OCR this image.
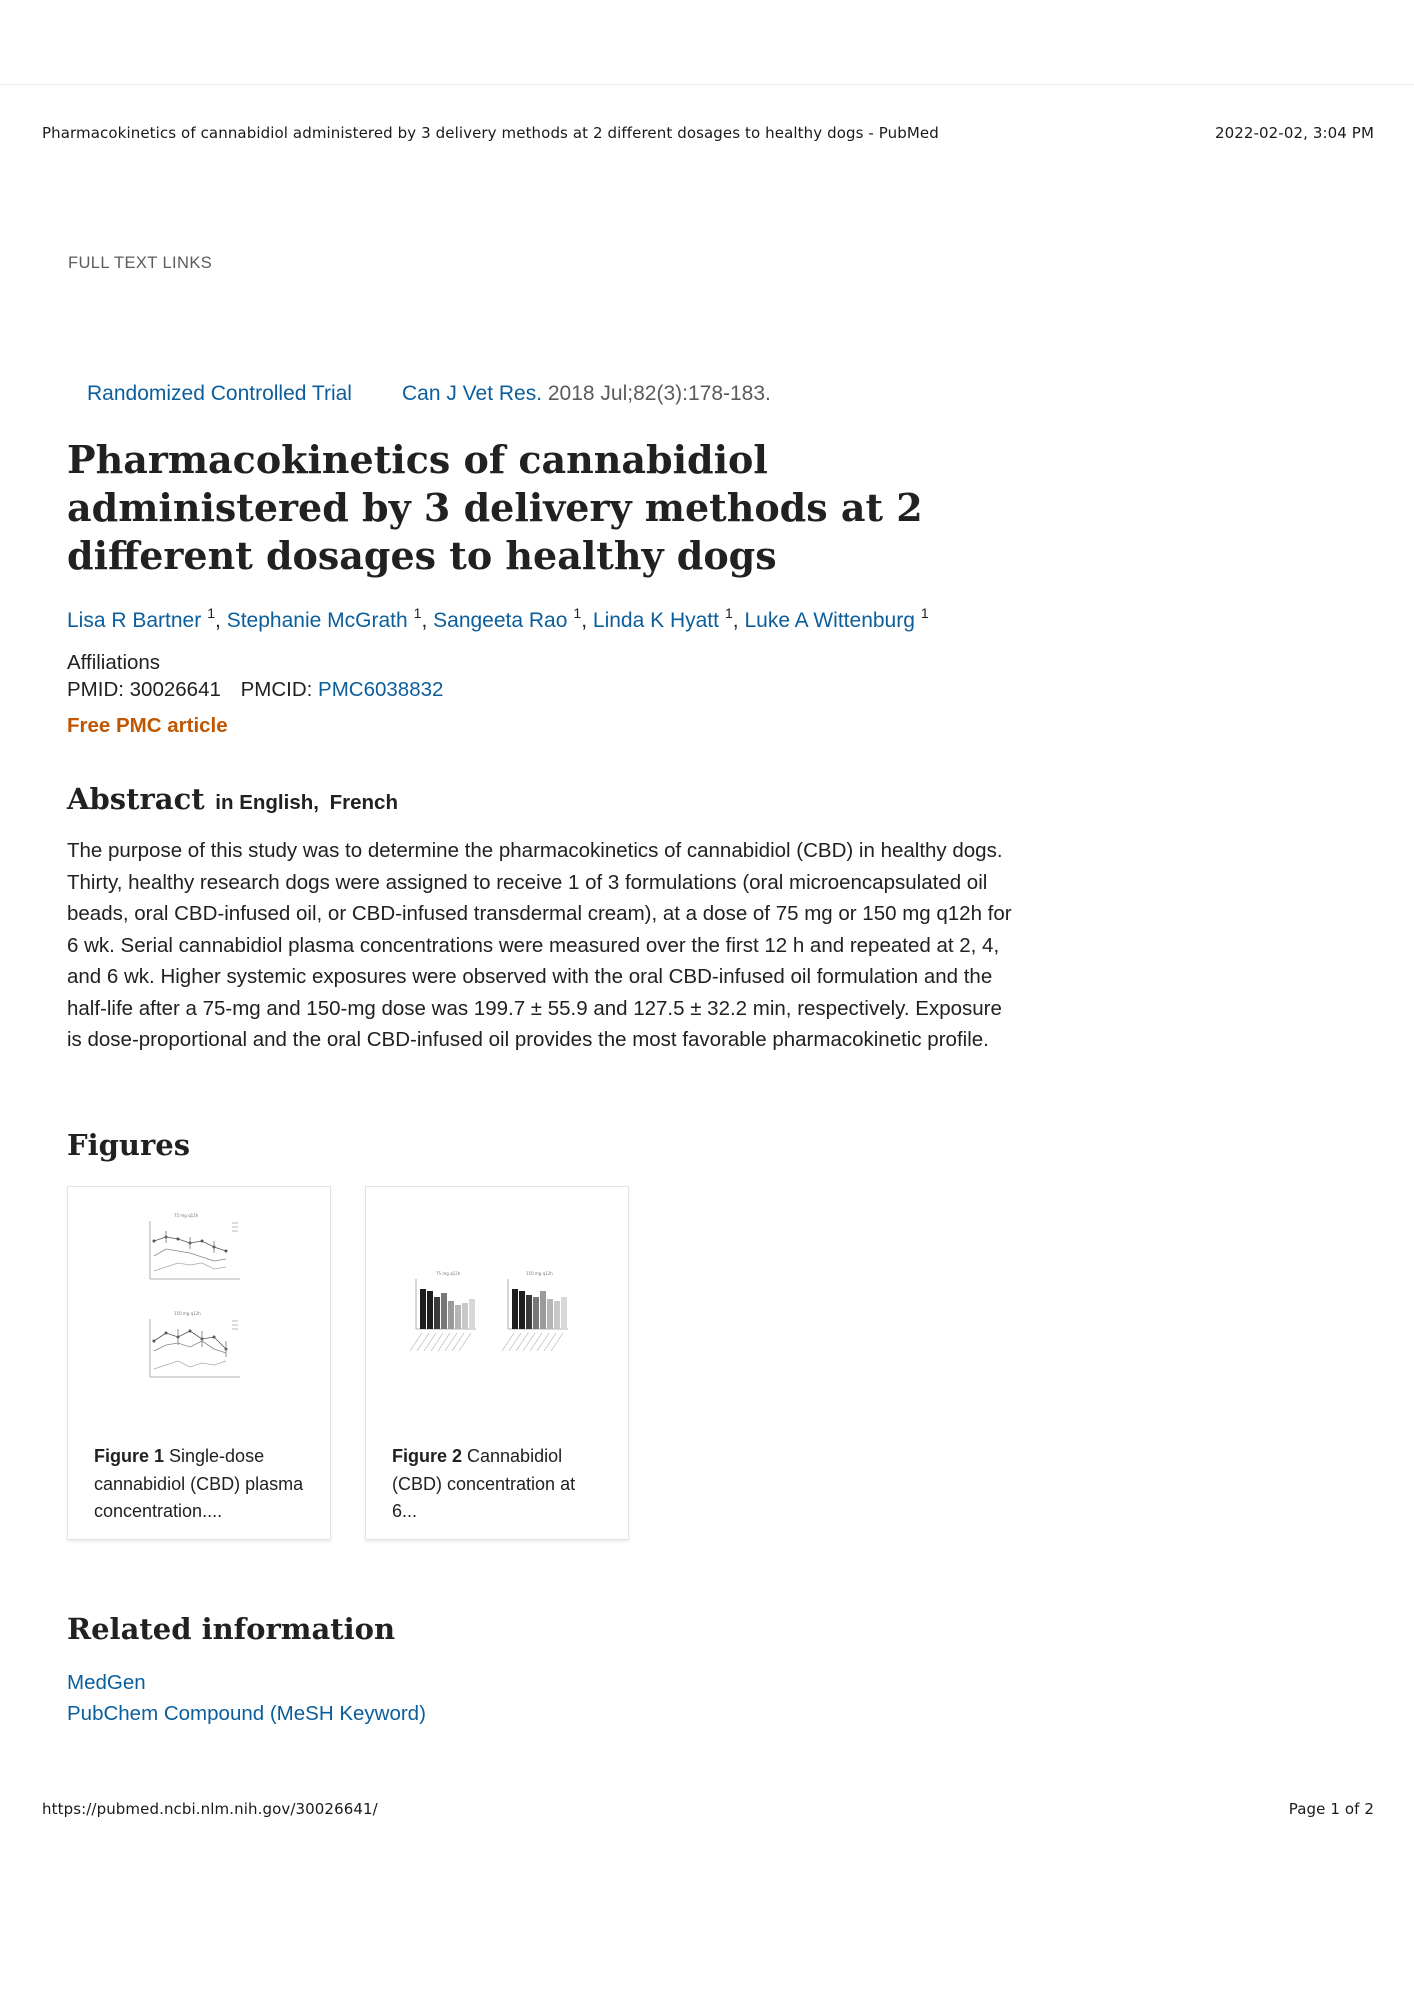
Pharmacokinetics of cannabidiol administered by 3 delivery methods at 2 different dosages to healthy dogs - PubMed	2022-02-02, 3:04 PM
FULL TEXT LINKS
Randomized Controlled Trial Can J Vet Res. 2018 Jul;82(3):178-183.
Pharmacokinetics of cannabidiol administered by 3 delivery methods at 2 different dosages to healthy dogs
Lisa R Bartner $^1$, Stephanie McGrath $^1$, Sangeeta Rao $^1$, Linda K Hyatt $^1$, Luke A Wittenburg $^1$
Affiliations
PMID: 30026641 PMCID: PMC6038832
Free PMC article
Abstract in English, French

The purpose of this study was to determine the pharmacokinetics of cannabidiol (CBD) in healthy dogs. Thirty, healthy research dogs were assigned to receive 1 of 3 formulations (oral microencapsulated oil beads, oral CBD-infused oil, or CBD-infused transdermal cream), at a dose of 75 mg or 150 mg q12h for 6 wk. Serial cannabidiol plasma concentrations were measured over the first 12 h and repeated at 2, 4, and 6 wk. Higher systemic exposures were observed with the oral CBD-infused oil formulation and the half-life after a 75-mg and 150-mg dose was 199.7 ± 55.9 and 127.5 ± 32.2 min, respectively. Exposure is dose-proportional and the oral CBD-infused oil provides the most favorable pharmacokinetic profile.

Figures
75 mg q12h
150 mg q12h
Figure 1 Single-dose cannabidiol (CBD) plasma concentration....
75 mg q12h	150 mg q12h
Figure 2 Cannabidiol (CBD) concentration at 6...
Related information
MedGen
PubChem Compound (MeSH Keyword)
https://pubmed.ncbi.nlm.nih.gov/30026641/	Page 1 of 2
